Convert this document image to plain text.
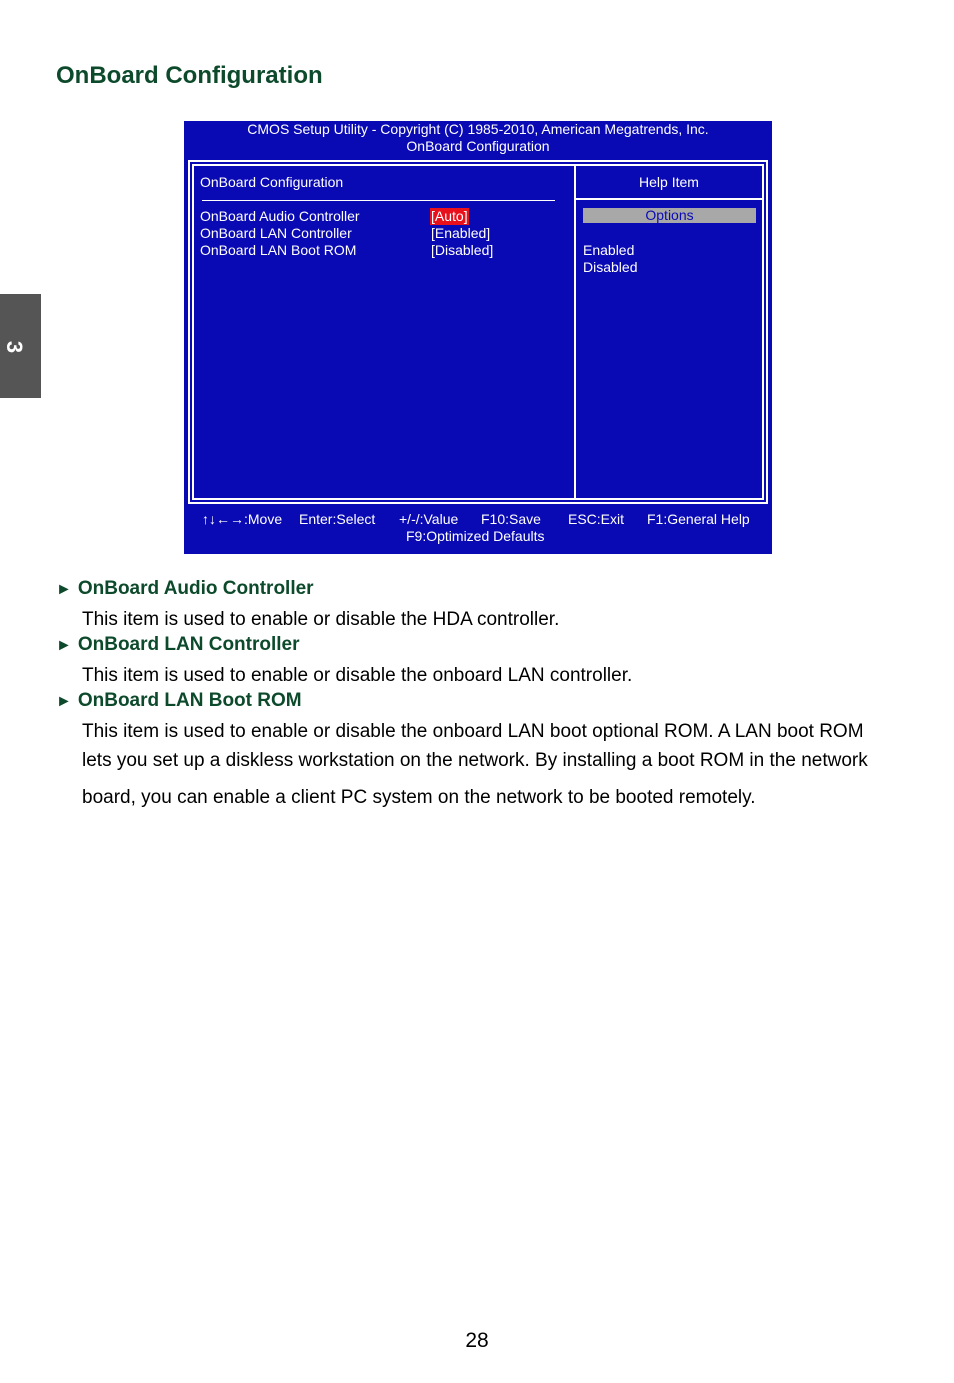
OnBoard Configuration
3
CMOS Setup Utility - Copyright (C) 1985-2010, American Megatrends, Inc.
OnBoard Configuration
OnBoard Configuration
OnBoard Audio Controller	[Auto]
OnBoard LAN Controller	[Enabled]
OnBoard LAN Boot ROM	[Disabled]
Help Item
Options
Enabled
Disabled
↑↓←→:Move Enter:Select +/-/:Value F10:Save ESC:Exit F1:General Help
F9:Optimized Defaults
► OnBoard Audio Controller

This item is used to enable or disable the HDA controller.

► OnBoard LAN Controller

This item is used to enable or disable the onboard LAN controller.

► OnBoard LAN Boot ROM

This item is used to enable or disable the onboard LAN boot optional ROM. A LAN boot ROM

lets you set up a diskless workstation on the network. By installing a boot ROM in the network

board, you can enable a client PC system on the network to be booted remotely.

28
